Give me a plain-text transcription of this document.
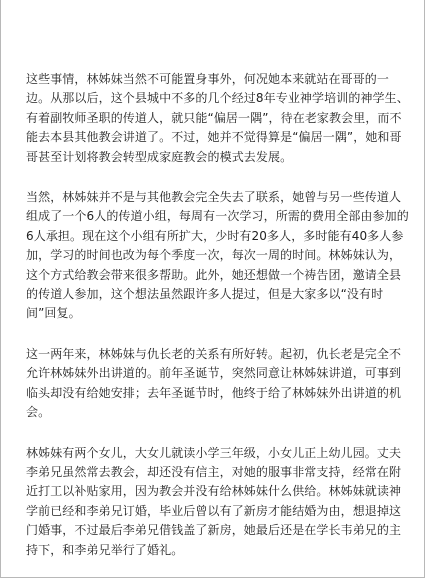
这些事情，林姊妹当然不可能置身事外，何况她本来就站在哥哥的一边。从那以后，这个县城中不多的几个经过8年专业神学培训的神学生、有着副牧师圣职的传道人，就只能“偏居一隅”，待在老家教会里，而不能去本县其他教会讲道了。不过，她并不觉得算是“偏居一隅”，她和哥哥甚至计划将教会转型成家庭教会的模式去发展。

当然，林姊妹并不是与其他教会完全失去了联系，她曾与另一些传道人组成了一个6人的传道小组，每周有一次学习，所需的费用全部由参加的6人承担。现在这个小组有所扩大，少时有20多人，多时能有40多人参加，学习的时间也改为每个季度一次，每次一周的时间。林姊妹认为，这个方式给教会带来很多帮助。此外，她还想做一个祷告团，邀请全县的传道人参加，这个想法虽然跟许多人提过，但是大家多以“没有时间”回复。

这一两年来，林姊妹与仇长老的关系有所好转。起初，仇长老是完全不允许林姊妹外出讲道的。前年圣诞节，突然同意让林姊妹讲道，可事到临头却没有给她安排；去年圣诞节时，他终于给了林姊妹外出讲道的机会。

林姊妹有两个女儿，大女儿就读小学三年级，小女儿正上幼儿园。丈夫李弟兄虽然常去教会，却还没有信主，对她的服事非常支持，经常在附近打工以补贴家用，因为教会并没有给林姊妹什么供给。林姊妹就读神学前已经和李弟兄订婚，毕业后曾以有了新房才能结婚为由，想退掉这门婚事，不过最后李弟兄借钱盖了新房，她最后还是在学长韦弟兄的主持下，和李弟兄举行了婚礼。
